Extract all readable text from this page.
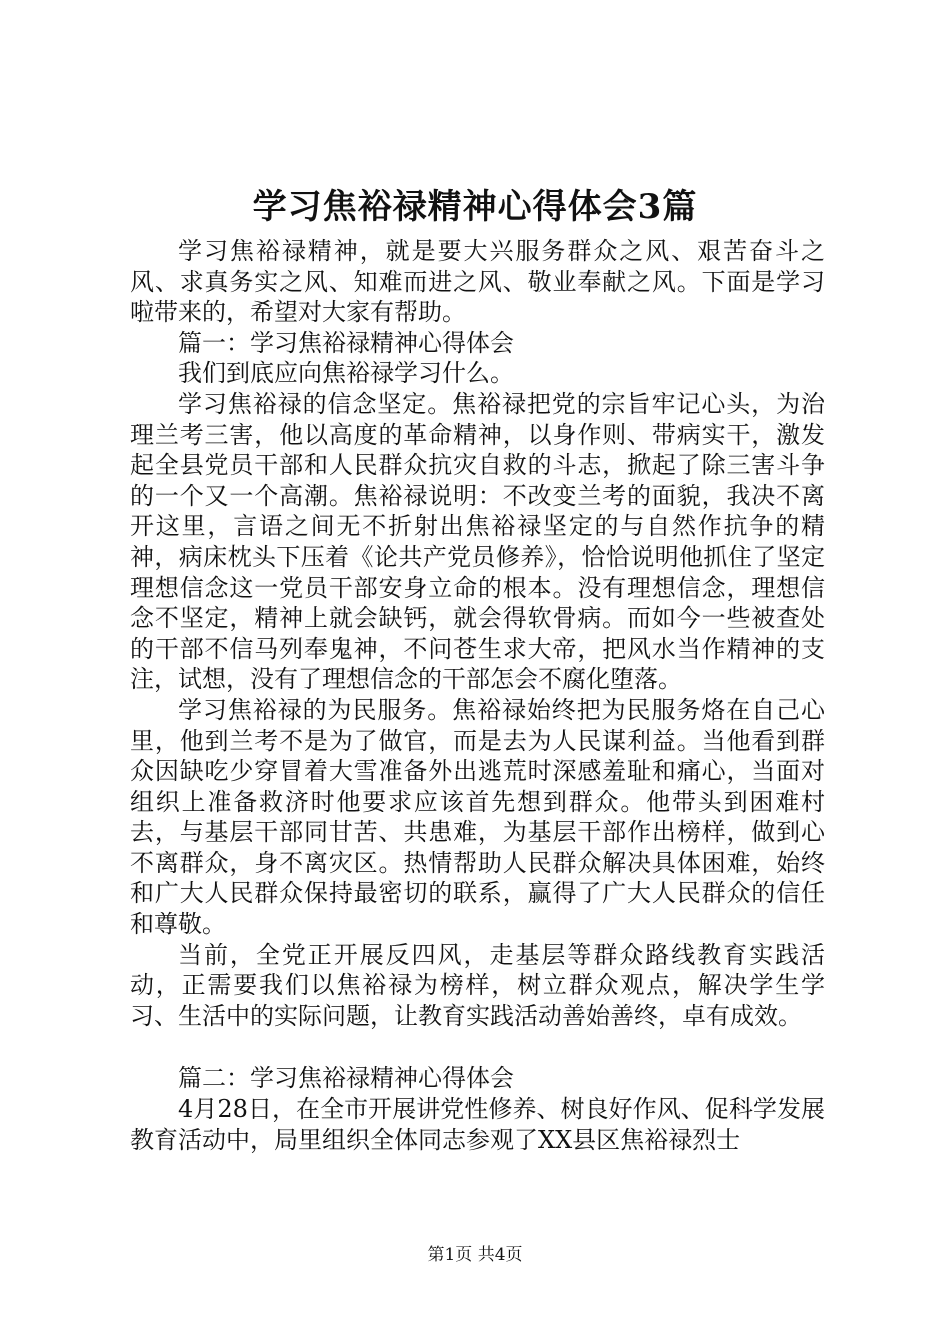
学习焦裕禄精神心得体会3篇

学习焦裕禄精神，就是要大兴服务群众之风、艰苦奋斗之风、求真务实之风、知难而进之风、敬业奉献之风。下面是学习啦带来的，希望对大家有帮助。

篇一：学习焦裕禄精神心得体会

我们到底应向焦裕禄学习什么。

学习焦裕禄的信念坚定。焦裕禄把党的宗旨牢记心头，为治理兰考三害，他以高度的革命精神，以身作则、带病实干，激发起全县党员干部和人民群众抗灾自救的斗志，掀起了除三害斗争的一个又一个高潮。焦裕禄说明：不改变兰考的面貌，我决不离开这里，言语之间无不折射出焦裕禄坚定的与自然作抗争的精神，病床枕头下压着《论共产党员修养》，恰恰说明他抓住了坚定理想信念这一党员干部安身立命的根本。没有理想信念，理想信念不坚定，精神上就会缺钙，就会得软骨病。而如今一些被查处的干部不信马列奉鬼神，不问苍生求大帝，把风水当作精神的支注，试想，没有了理想信念的干部怎会不腐化堕落。

学习焦裕禄的为民服务。焦裕禄始终把为民服务烙在自己心里，他到兰考不是为了做官，而是去为人民谋利益。当他看到群众因缺吃少穿冒着大雪准备外出逃荒时深感羞耻和痛心，当面对组织上准备救济时他要求应该首先想到群众。他带头到困难村去，与基层干部同甘苦、共患难，为基层干部作出榜样，做到心不离群众，身不离灾区。热情帮助人民群众解决具体困难，始终和广大人民群众保持最密切的联系，赢得了广大人民群众的信任和尊敬。

当前，全党正开展反四风，走基层等群众路线教育实践活动，正需要我们以焦裕禄为榜样，树立群众观点，解决学生学习、生活中的实际问题，让教育实践活动善始善终，卓有成效。

篇二：学习焦裕禄精神心得体会

4月28日，在全市开展讲党性修养、树良好作风、促科学发展教育活动中，局里组织全体同志参观了XX县区焦裕禄烈士

第1页 共4页
